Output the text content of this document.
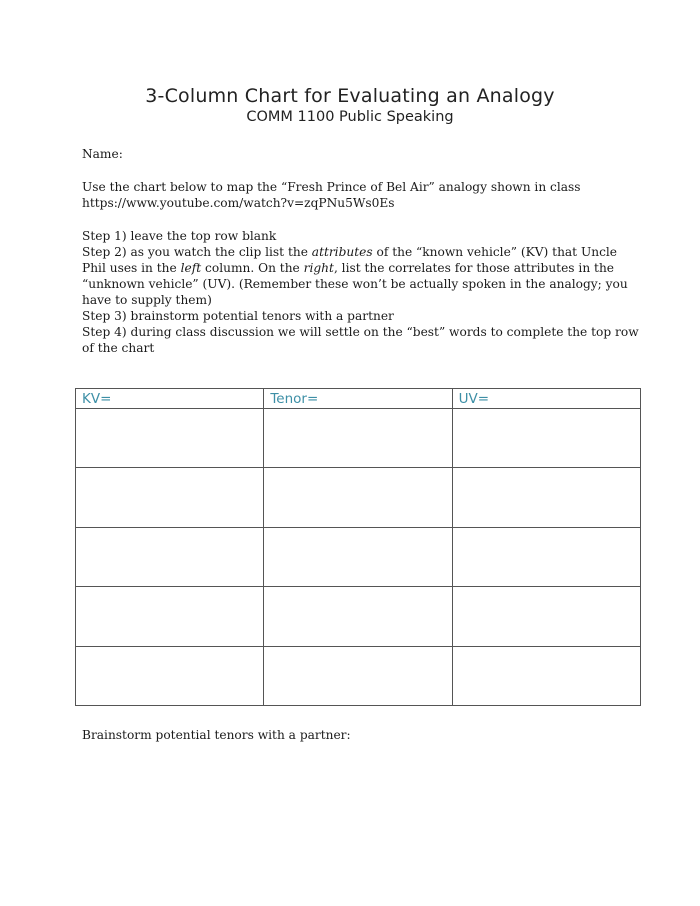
3-Column Chart for Evaluating an Analogy
COMM 1100 Public Speaking
Name:

Use the chart below to map the “Fresh Prince of Bel Air” analogy shown in class

https://www.youtube.com/watch?v=zqPNu5Ws0Es

Step 1) leave the top row blank

Step 2) as you watch the clip list the attributes of the “known vehicle” (KV) that Uncle Phil uses in the left column. On the right, list the correlates for those attributes in the “unknown vehicle” (UV). (Remember these won’t be actually spoken in the analogy; you have to supply them)

Step 3) brainstorm potential tenors with a partner

Step 4) during class discussion we will settle on the “best” words to complete the top row of the chart

KV=	Tenor=	UV=

Brainstorm potential tenors with a partner:
